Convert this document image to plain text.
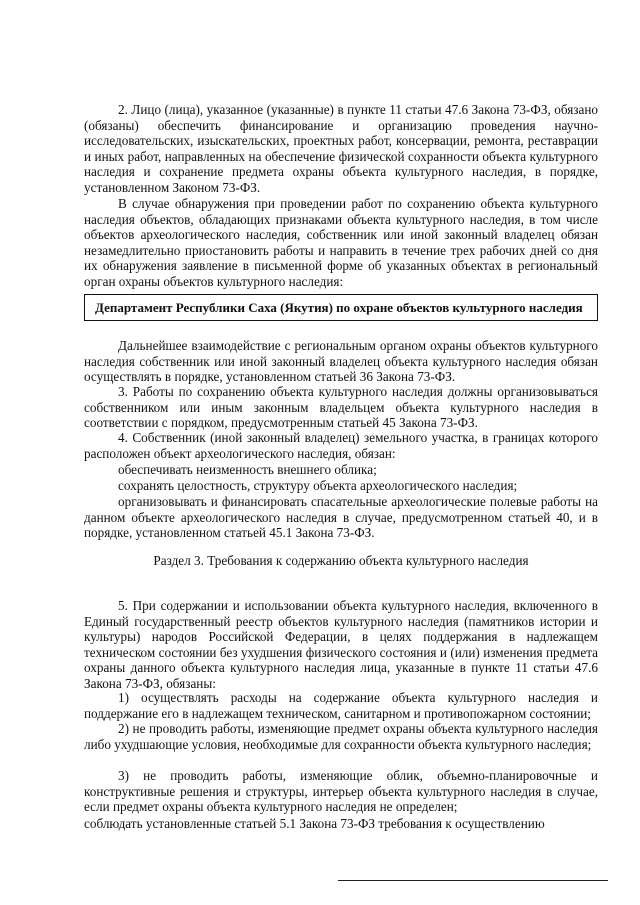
2. Лицо (лица), указанное (указанные) в пункте 11 статьи 47.6 Закона 73-ФЗ, обязано (обязаны) обеспечить финансирование и организацию проведения научно-исследовательских, изыскательских, проектных работ, консервации, ремонта, реставрации и иных работ, направленных на обеспечение физической сохранности объекта культурного наследия и сохранение предмета охраны объекта культурного наследия, в порядке, установленном Законом 73-ФЗ.
В случае обнаружения при проведении работ по сохранению объекта культурного наследия объектов, обладающих признаками объекта культурного наследия, в том числе объектов археологического наследия, собственник или иной законный владелец обязан незамедлительно приостановить работы и направить в течение трех рабочих дней со дня их обнаружения заявление в письменной форме об указанных объектах в региональный орган охраны объектов культурного наследия:
Департамент Республики Саха (Якутия) по охране объектов культурного наследия
Дальнейшее взаимодействие с региональным органом охраны объектов культурного наследия собственник или иной законный владелец объекта культурного наследия обязан осуществлять в порядке, установленном статьей 36 Закона 73-ФЗ.
3. Работы по сохранению объекта культурного наследия должны организовываться собственником или иным законным владельцем объекта культурного наследия в соответствии с порядком, предусмотренным статьей 45 Закона 73-ФЗ.
4. Собственник (иной законный владелец) земельного участка, в границах которого расположен объект археологического наследия, обязан:
обеспечивать неизменность внешнего облика;
сохранять целостность, структуру объекта археологического наследия;
организовывать и финансировать спасательные археологические полевые работы на данном объекте археологического наследия в случае, предусмотренном статьей 40, и в порядке, установленном статьей 45.1 Закона 73-ФЗ.
Раздел 3. Требования к содержанию объекта культурного наследия
5. При содержании и использовании объекта культурного наследия, включенного в Единый государственный реестр объектов культурного наследия (памятников истории и культуры) народов Российской Федерации, в целях поддержания в надлежащем техническом состоянии без ухудшения физического состояния и (или) изменения предмета охраны данного объекта культурного наследия лица, указанные в пункте 11 статьи 47.6 Закона 73-ФЗ, обязаны:
1) осуществлять расходы на содержание объекта культурного наследия и поддержание его в надлежащем техническом, санитарном и противопожарном состоянии;
2) не проводить работы, изменяющие предмет охраны объекта культурного наследия либо ухудшающие условия, необходимые для сохранности объекта культурного наследия;
3) не проводить работы, изменяющие облик, объемно-планировочные и конструктивные решения и структуры, интерьер объекта культурного наследия в случае, если предмет охраны объекта культурного наследия не определен;
соблюдать установленные статьей 5.1 Закона 73-ФЗ требования к осуществлению
